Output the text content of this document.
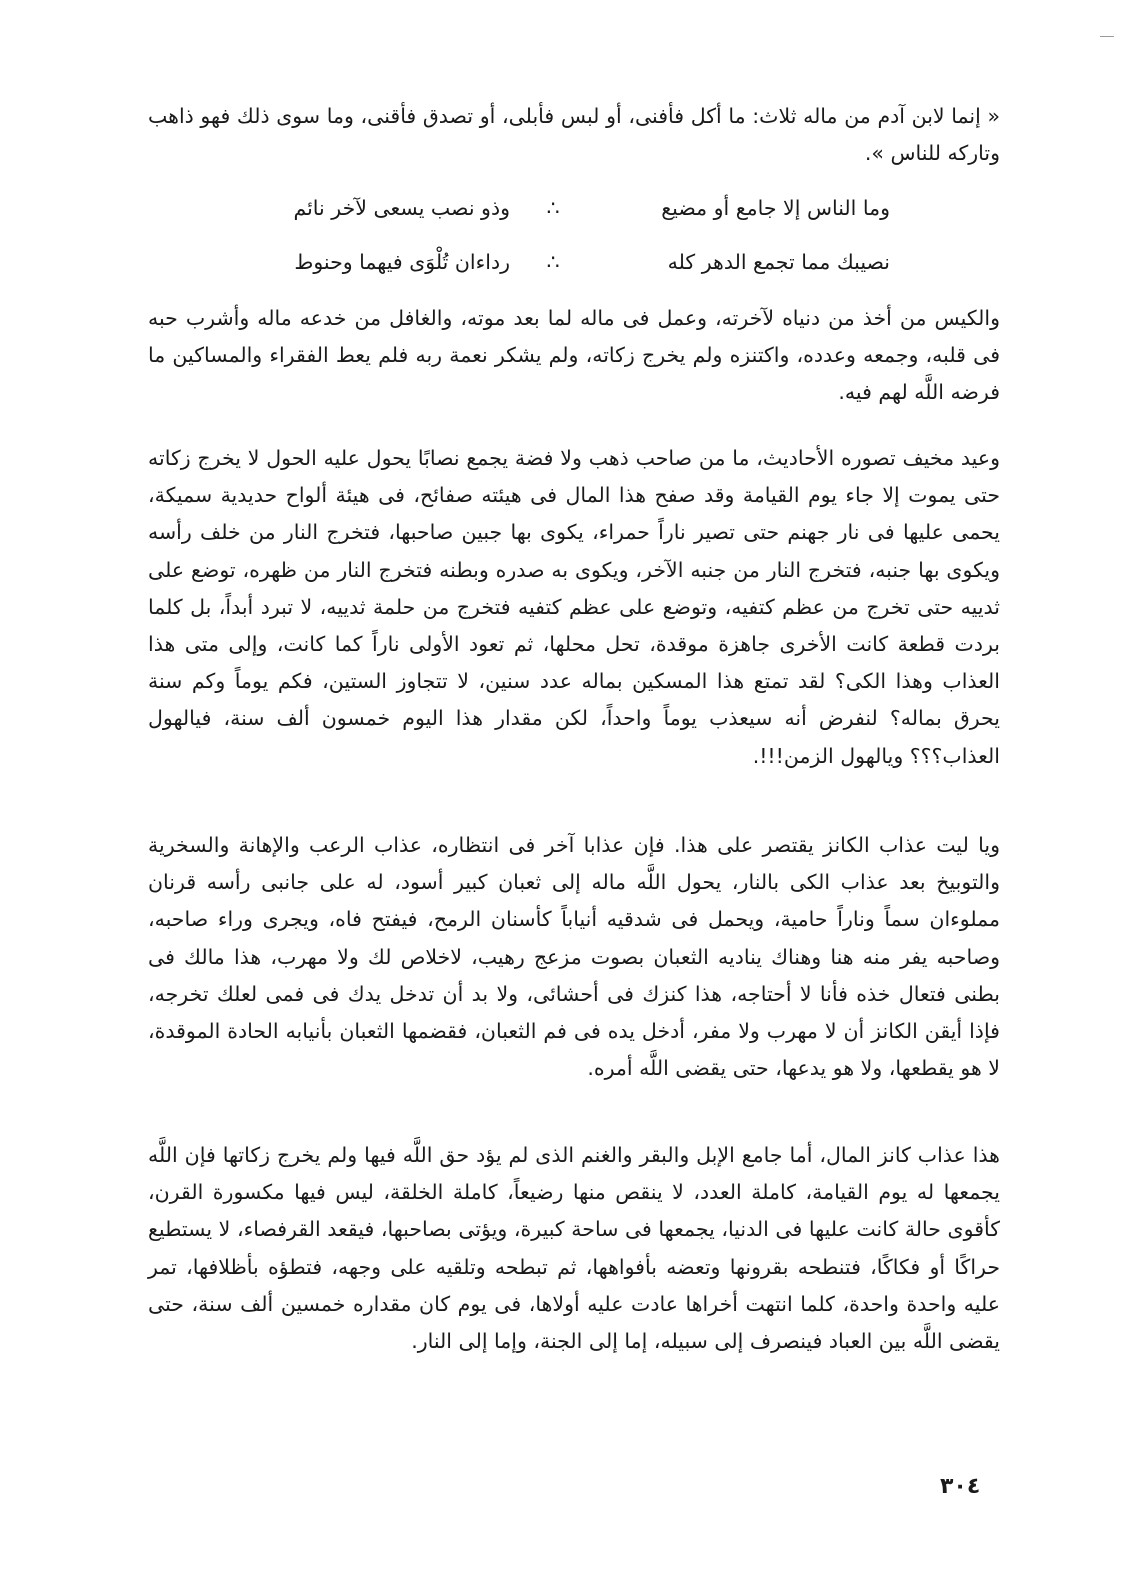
« إنما لابن آدم من ماله ثلاث: ما أكل فأفنى، أو لبس فأبلى، أو تصدق فأقنى، وما سوى ذلك فهو ذاهب وتاركه للناس ».

وما الناس إلا جامع أو مضيع
∴
وذو نصب يسعى لآخر نائم
نصيبك مما تجمع الدهر كله
∴
رداءان تُلْوَى فيهما وحنوط

والكيس من أخذ من دنياه لآخرته، وعمل فى ماله لما بعد موته، والغافل من خدعه ماله وأشرب حبه فى قلبه، وجمعه وعدده، واكتنزه ولم يخرج زكاته، ولم يشكر نعمة ربه فلم يعط الفقراء والمساكين ما فرضه اللَّه لهم فيه.

وعيد مخيف تصوره الأحاديث، ما من صاحب ذهب ولا فضة يجمع نصابًا يحول عليه الحول لا يخرج زكاته حتى يموت إلا جاء يوم القيامة وقد صفح هذا المال فى هيئته صفائح، فى هيئة ألواح حديدية سميكة، يحمى عليها فى نار جهنم حتى تصير ناراً حمراء، يكوى بها جبين صاحبها، فتخرج النار من خلف رأسه ويكوى بها جنبه، فتخرج النار من جنبه الآخر، ويكوى به صدره وبطنه فتخرج النار من ظهره، توضع على ثدييه حتى تخرج من عظم كتفيه، وتوضع على عظم كتفيه فتخرج من حلمة ثدييه، لا تبرد أبداً، بل كلما بردت قطعة كانت الأخرى جاهزة موقدة، تحل محلها، ثم تعود الأولى ناراً كما كانت، وإلى متى هذا العذاب وهذا الكى؟ لقد تمتع هذا المسكين بماله عدد سنين، لا تتجاوز الستين، فكم يوماً وكم سنة يحرق بماله؟ لنفرض أنه سيعذب يوماً واحداً، لكن مقدار هذا اليوم خمسون ألف سنة، فيالهول العذاب؟؟؟ ويالهول الزمن!!!.

ويا ليت عذاب الكانز يقتصر على هذا. فإن عذابا آخر فى انتظاره، عذاب الرعب والإهانة والسخرية والتوبيخ بعد عذاب الكى بالنار، يحول اللَّه ماله إلى ثعبان كبير أسود، له على جانبى رأسه قرنان مملوءان سماً وناراً حامية، ويحمل فى شدقيه أنياباً كأسنان الرمح، فيفتح فاه، ويجرى وراء صاحبه، وصاحبه يفر منه هنا وهناك يناديه الثعبان بصوت مزعج رهيب، لاخلاص لك ولا مهرب، هذا مالك فى بطنى فتعال خذه فأنا لا أحتاجه، هذا كنزك فى أحشائى، ولا بد أن تدخل يدك فى فمى لعلك تخرجه، فإذا أيقن الكانز أن لا مهرب ولا مفر، أدخل يده فى فم الثعبان، فقضمها الثعبان بأنيابه الحادة الموقدة، لا هو يقطعها، ولا هو يدعها، حتى يقضى اللَّه أمره.

هذا عذاب كانز المال، أما جامع الإبل والبقر والغنم الذى لم يؤد حق اللَّه فيها ولم يخرج زكاتها فإن اللَّه يجمعها له يوم القيامة، كاملة العدد، لا ينقص منها رضيعاً، كاملة الخلقة، ليس فيها مكسورة القرن، كأقوى حالة كانت عليها فى الدنيا، يجمعها فى ساحة كبيرة، ويؤتى بصاحبها، فيقعد القرفصاء، لا يستطيع حراكًا أو فكاكًا، فتنطحه بقرونها وتعضه بأفواهها، ثم تبطحه وتلقيه على وجهه، فتطؤه بأظلافها، تمر عليه واحدة واحدة، كلما انتهت أخراها عادت عليه أولاها، فى يوم كان مقداره خمسين ألف سنة، حتى يقضى اللَّه بين العباد فينصرف إلى سبيله، إما إلى الجنة، وإما إلى النار.

٣٠٤
